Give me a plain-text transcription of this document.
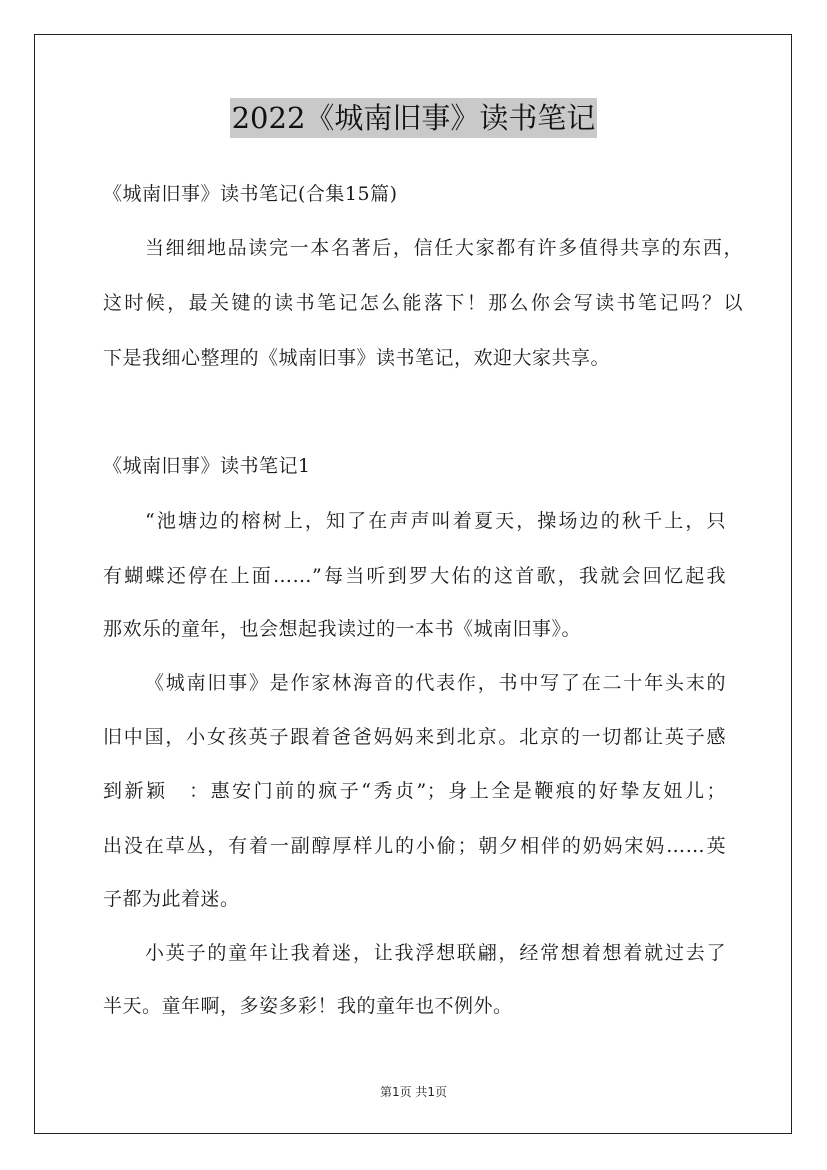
2022《城南旧事》读书笔记
《城南旧事》读书笔记(合集15篇)
当细细地品读完一本名著后，信任大家都有许多值得共享的东西，
这时候，最关键的读书笔记怎么能落下！那么你会写读书笔记吗？以
下是我细心整理的《城南旧事》读书笔记，欢迎大家共享。
《城南旧事》读书笔记1
“池塘边的榕树上，知了在声声叫着夏天，操场边的秋千上，只
有蝴蝶还停在上面……”每当听到罗大佑的这首歌，我就会回忆起我
那欢乐的童年，也会想起我读过的一本书《城南旧事》。
《城南旧事》是作家林海音的代表作，书中写了在二十年头末的
旧中国，小女孩英子跟着爸爸妈妈来到北京。北京的一切都让英子感
到新颖　：惠安门前的疯子“秀贞”；身上全是鞭痕的好挚友妞儿；
出没在草丛，有着一副醇厚样儿的小偷；朝夕相伴的奶妈宋妈……英
子都为此着迷。
小英子的童年让我着迷，让我浮想联翩，经常想着想着就过去了
半天。童年啊，多姿多彩！我的童年也不例外。
第1页 共1页
